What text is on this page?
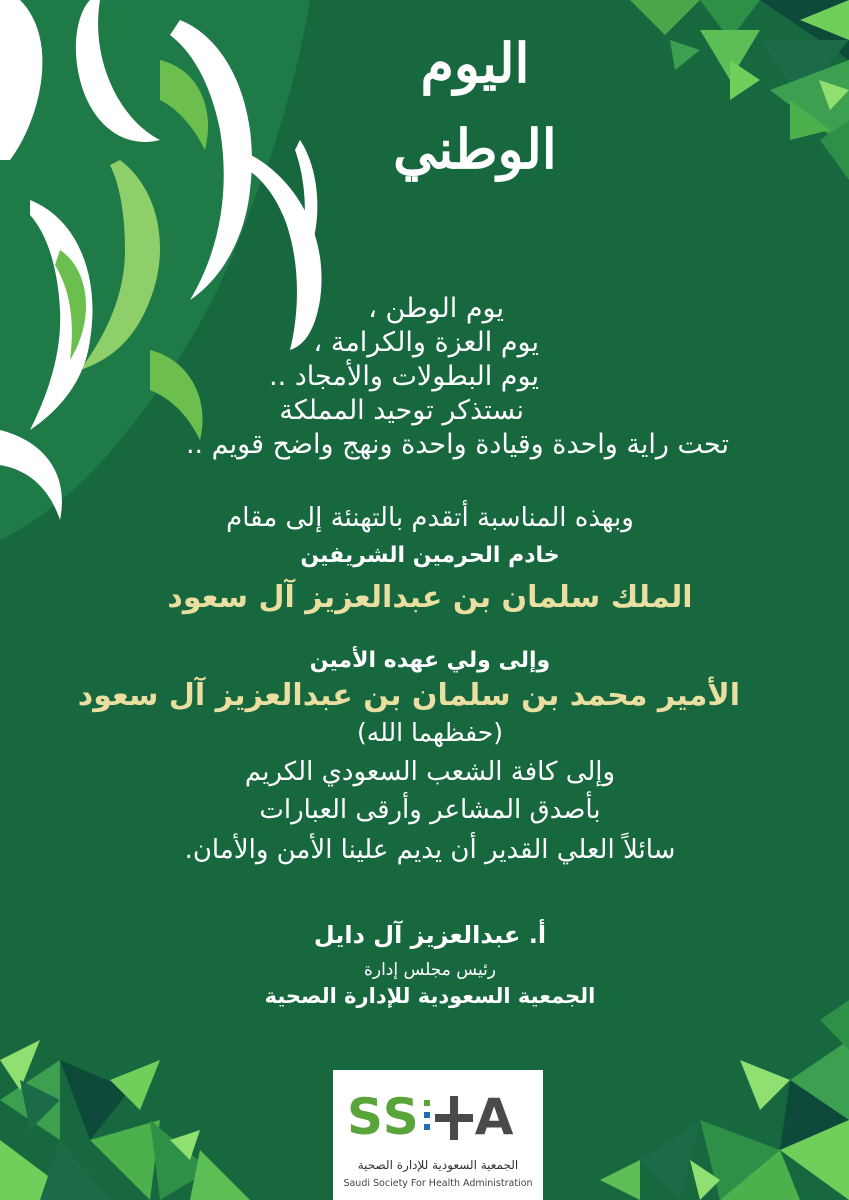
اليوم الوطني
يوم الوطن ،
يوم العزة والكرامة ،
يوم البطولات والأمجاد ..
نستذكر توحيد المملكة
تحت راية واحدة وقيادة واحدة ونهج واضح قويم ..
وبهذه المناسبة أتقدم بالتهنئة إلى مقام
خادم الحرمين الشريفين
الملك سلمان بن عبدالعزيز آل سعود
وإلى ولي عهده الأمين
الأمير محمد بن سلمان بن عبدالعزيز آل سعود
(حفظهما الله)
وإلى كافة الشعب السعودي الكريم
بأصدق المشاعر وأرقى العبارات
سائلاً العلي القدير أن يديم علينا الأمن والأمان.
أ. عبدالعزيز آل دايل
رئيس مجلس إدارة
الجمعية السعودية للإدارة الصحية
SS A
الجمعية السعودية للإدارة الصحية
Saudi Society For Health Administration
